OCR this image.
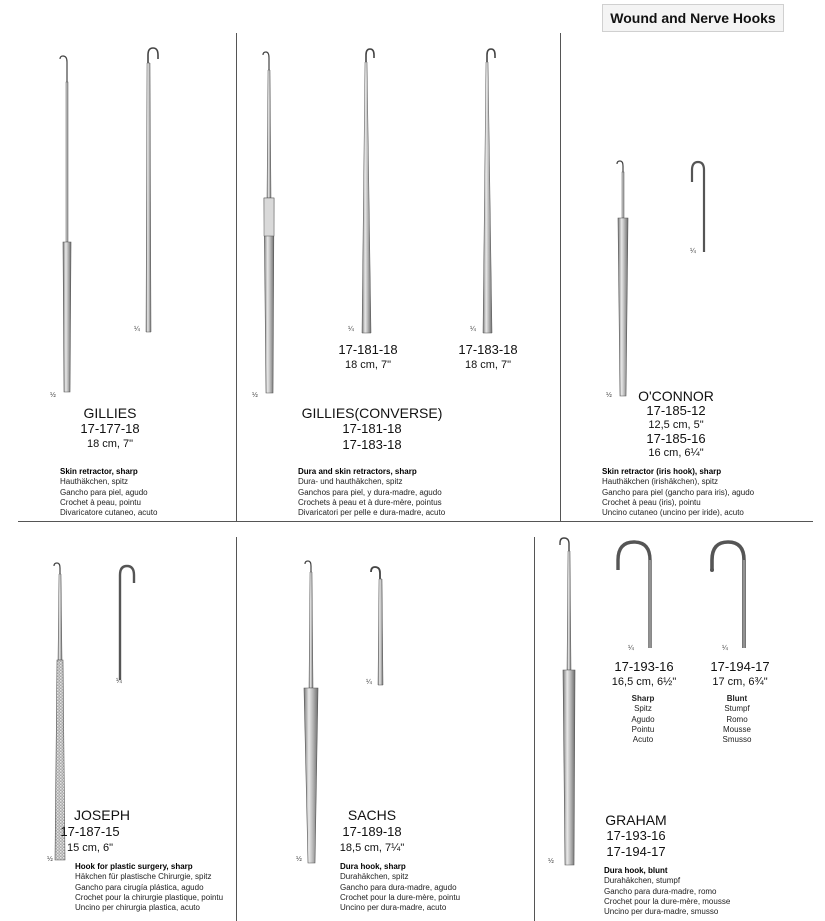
Wound and Nerve Hooks
½
¼
GILLIES
17-177-18
18 cm, 7"
Skin retractor, sharp
Hauthäkchen, spitz
Gancho para piel, agudo
Crochet à peau, pointu
Divaricatore cutaneo, acuto
½
¼
17-181-18
18 cm, 7"
¼
17-183-18
18 cm, 7"
GILLIES(CONVERSE)
17-181-18
17-183-18
Dura and skin retractors, sharp
Dura- und hauthäkchen, spitz
Ganchos para piel, y dura-madre, agudo
Crochets à peau et à dure-mère, pointus
Divaricatori per pelle e dura-madre, acuto
½
¼
O'CONNOR
17-185-12
12,5 cm, 5"
17-185-16
16 cm, 6¼"
Skin retractor (iris hook), sharp
Hauthäkchen (irishäkchen), spitz
Gancho para piel (gancho para iris), agudo
Crochet à peau (iris), pointu
Uncino cutaneo (uncino per iride), acuto
½
¼
JOSEPH
17-187-15
15 cm, 6"
Hook for plastic surgery, sharp
Häkchen für plastische Chirurgie, spitz
Gancho para cirugía plástica, agudo
Crochet pour la chirurgie plastique, pointu
Uncino per chirurgia plastica, acuto
½
¼
SACHS
17-189-18
18,5 cm, 7¼"
Dura hook, sharp
Durahäkchen, spitz
Gancho para dura-madre, agudo
Crochet pour la dure-mère, pointu
Uncino per dura-madre, acuto
½
¼
17-193-16
16,5 cm, 6½"
Sharp
Spitz
Agudo
Pointu
Acuto
¼
17-194-17
17 cm, 6¾"
Blunt
Stumpf
Romo
Mousse
Smusso
GRAHAM
17-193-16
17-194-17
Dura hook, blunt
Durahäkchen, stumpf
Gancho para dura-madre, romo
Crochet pour la dure-mère, mousse
Uncino per dura-madre, smusso
